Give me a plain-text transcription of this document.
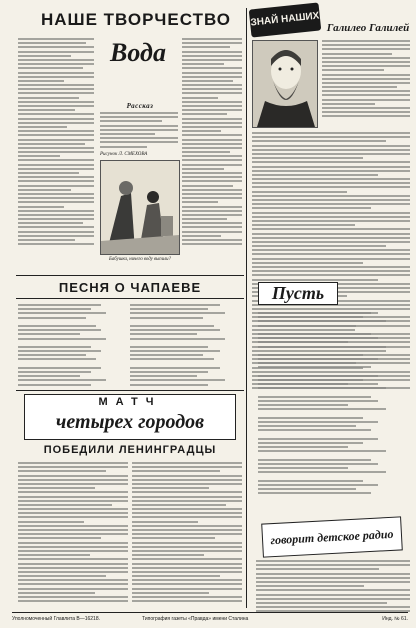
НАШЕ ТВОРЧЕСТВО
Вода
Рассказ
Рисунок Л. СМЕХОВА
Бабушка, ничего воду выпили?
ЗНАЙ НАШИХ Галилео Галилей
ПЕСНЯ О ЧАПАЕВЕ	Пусть
МАТЧ
четырех городов
ПОБЕДИЛИ ЛЕНИНГРАДЦЫ
говорит детское радио
Уполномоченный Главлита В—16218.	Типография газеты «Правда» имени Сталина	Инд. № 61.
